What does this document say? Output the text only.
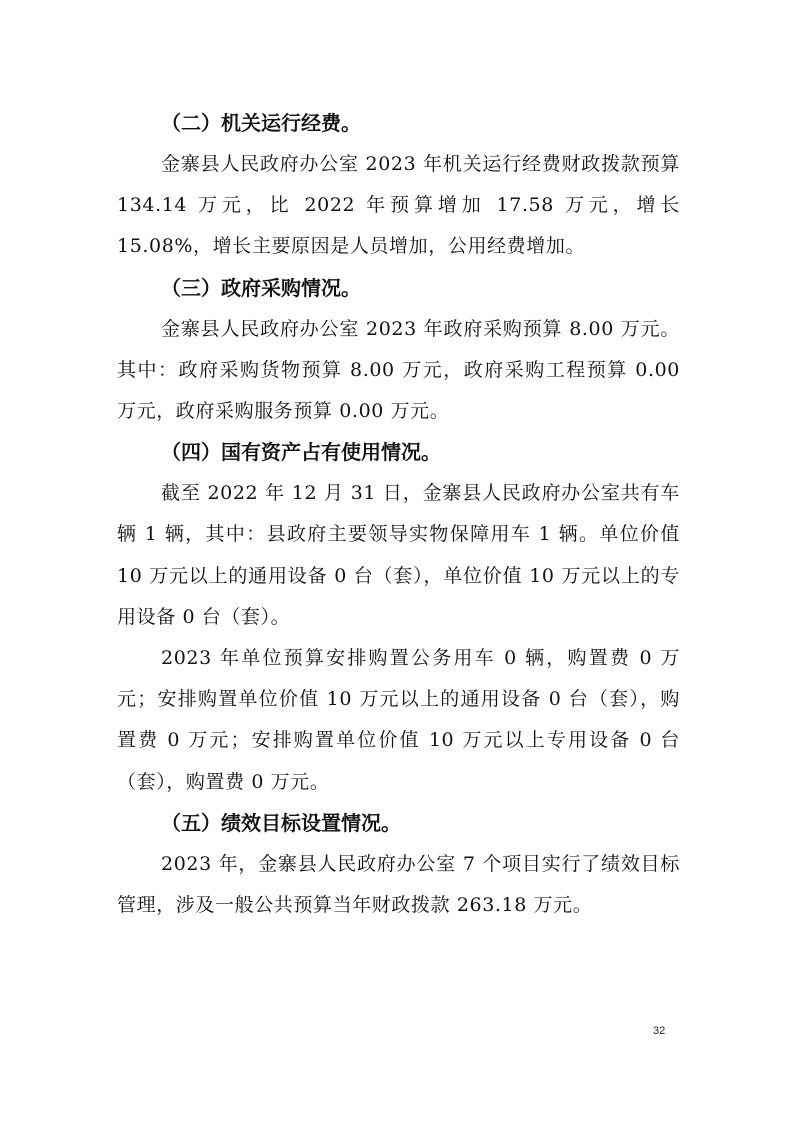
（二）机关运行经费。

金寨县人民政府办公室 2023 年机关运行经费财政拨款预算 134.14 万元，比 2022 年预算增加 17.58 万元，增长 15.08%，增长主要原因是人员增加，公用经费增加。

（三）政府采购情况。

金寨县人民政府办公室 2023 年政府采购预算 8.00 万元。其中：政府采购货物预算 8.00 万元，政府采购工程预算 0.00 万元，政府采购服务预算 0.00 万元。

（四）国有资产占有使用情况。

截至 2022 年 12 月 31 日，金寨县人民政府办公室共有车辆 1 辆，其中：县政府主要领导实物保障用车 1 辆。单位价值 10 万元以上的通用设备 0 台（套），单位价值 10 万元以上的专用设备 0 台（套）。

2023 年单位预算安排购置公务用车 0 辆，购置费 0 万元；安排购置单位价值 10 万元以上的通用设备 0 台（套），购置费 0 万元；安排购置单位价值 10 万元以上专用设备 0 台（套），购置费 0 万元。

（五）绩效目标设置情况。

2023 年，金寨县人民政府办公室 7 个项目实行了绩效目标管理，涉及一般公共预算当年财政拨款 263.18 万元。

32
